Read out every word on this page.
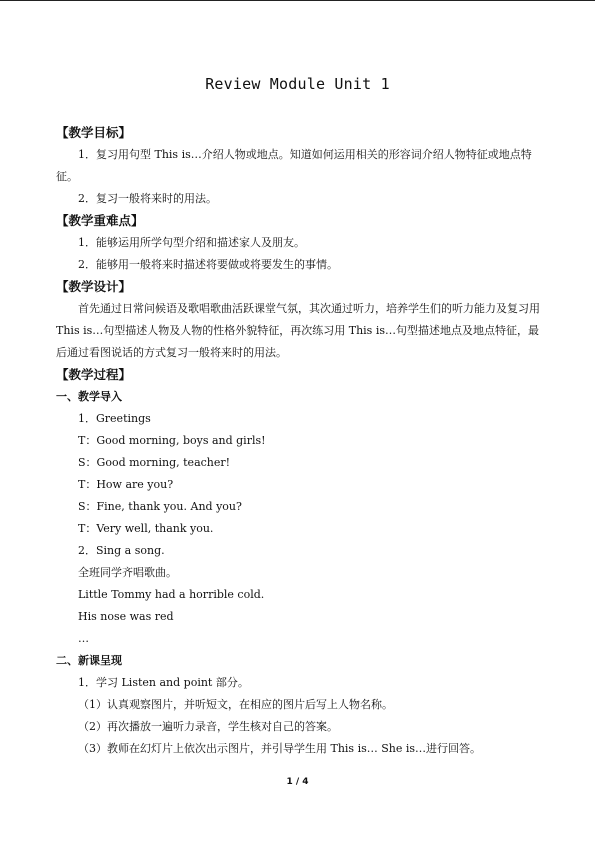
Review Module Unit 1

【教学目标】

1．复习用句型 This is…介绍人物或地点。知道如何运用相关的形容词介绍人物特征或地点特征。

2．复习一般将来时的用法。

【教学重难点】

1．能够运用所学句型介绍和描述家人及朋友。

2．能够用一般将来时描述将要做或将要发生的事情。

【教学设计】

首先通过日常问候语及歌唱歌曲活跃课堂气氛，其次通过听力，培养学生们的听力能力及复习用 This is…句型描述人物及人物的性格外貌特征，再次练习用 This is…句型描述地点及地点特征，最后通过看图说话的方式复习一般将来时的用法。

【教学过程】

一、教学导入

1．Greetings

T：Good morning, boys and girls!

S：Good morning, teacher!

T：How are you?

S：Fine, thank you. And you?

T：Very well, thank you.

2．Sing a song.

全班同学齐唱歌曲。

Little Tommy had a horrible cold.

His nose was red

…

二、新课呈现

1．学习 Listen and point 部分。

（1）认真观察图片，并听短文，在相应的图片后写上人物名称。

（2）再次播放一遍听力录音，学生核对自己的答案。

（3）教师在幻灯片上依次出示图片，并引导学生用 This is… She is…进行回答。

1 / 4
